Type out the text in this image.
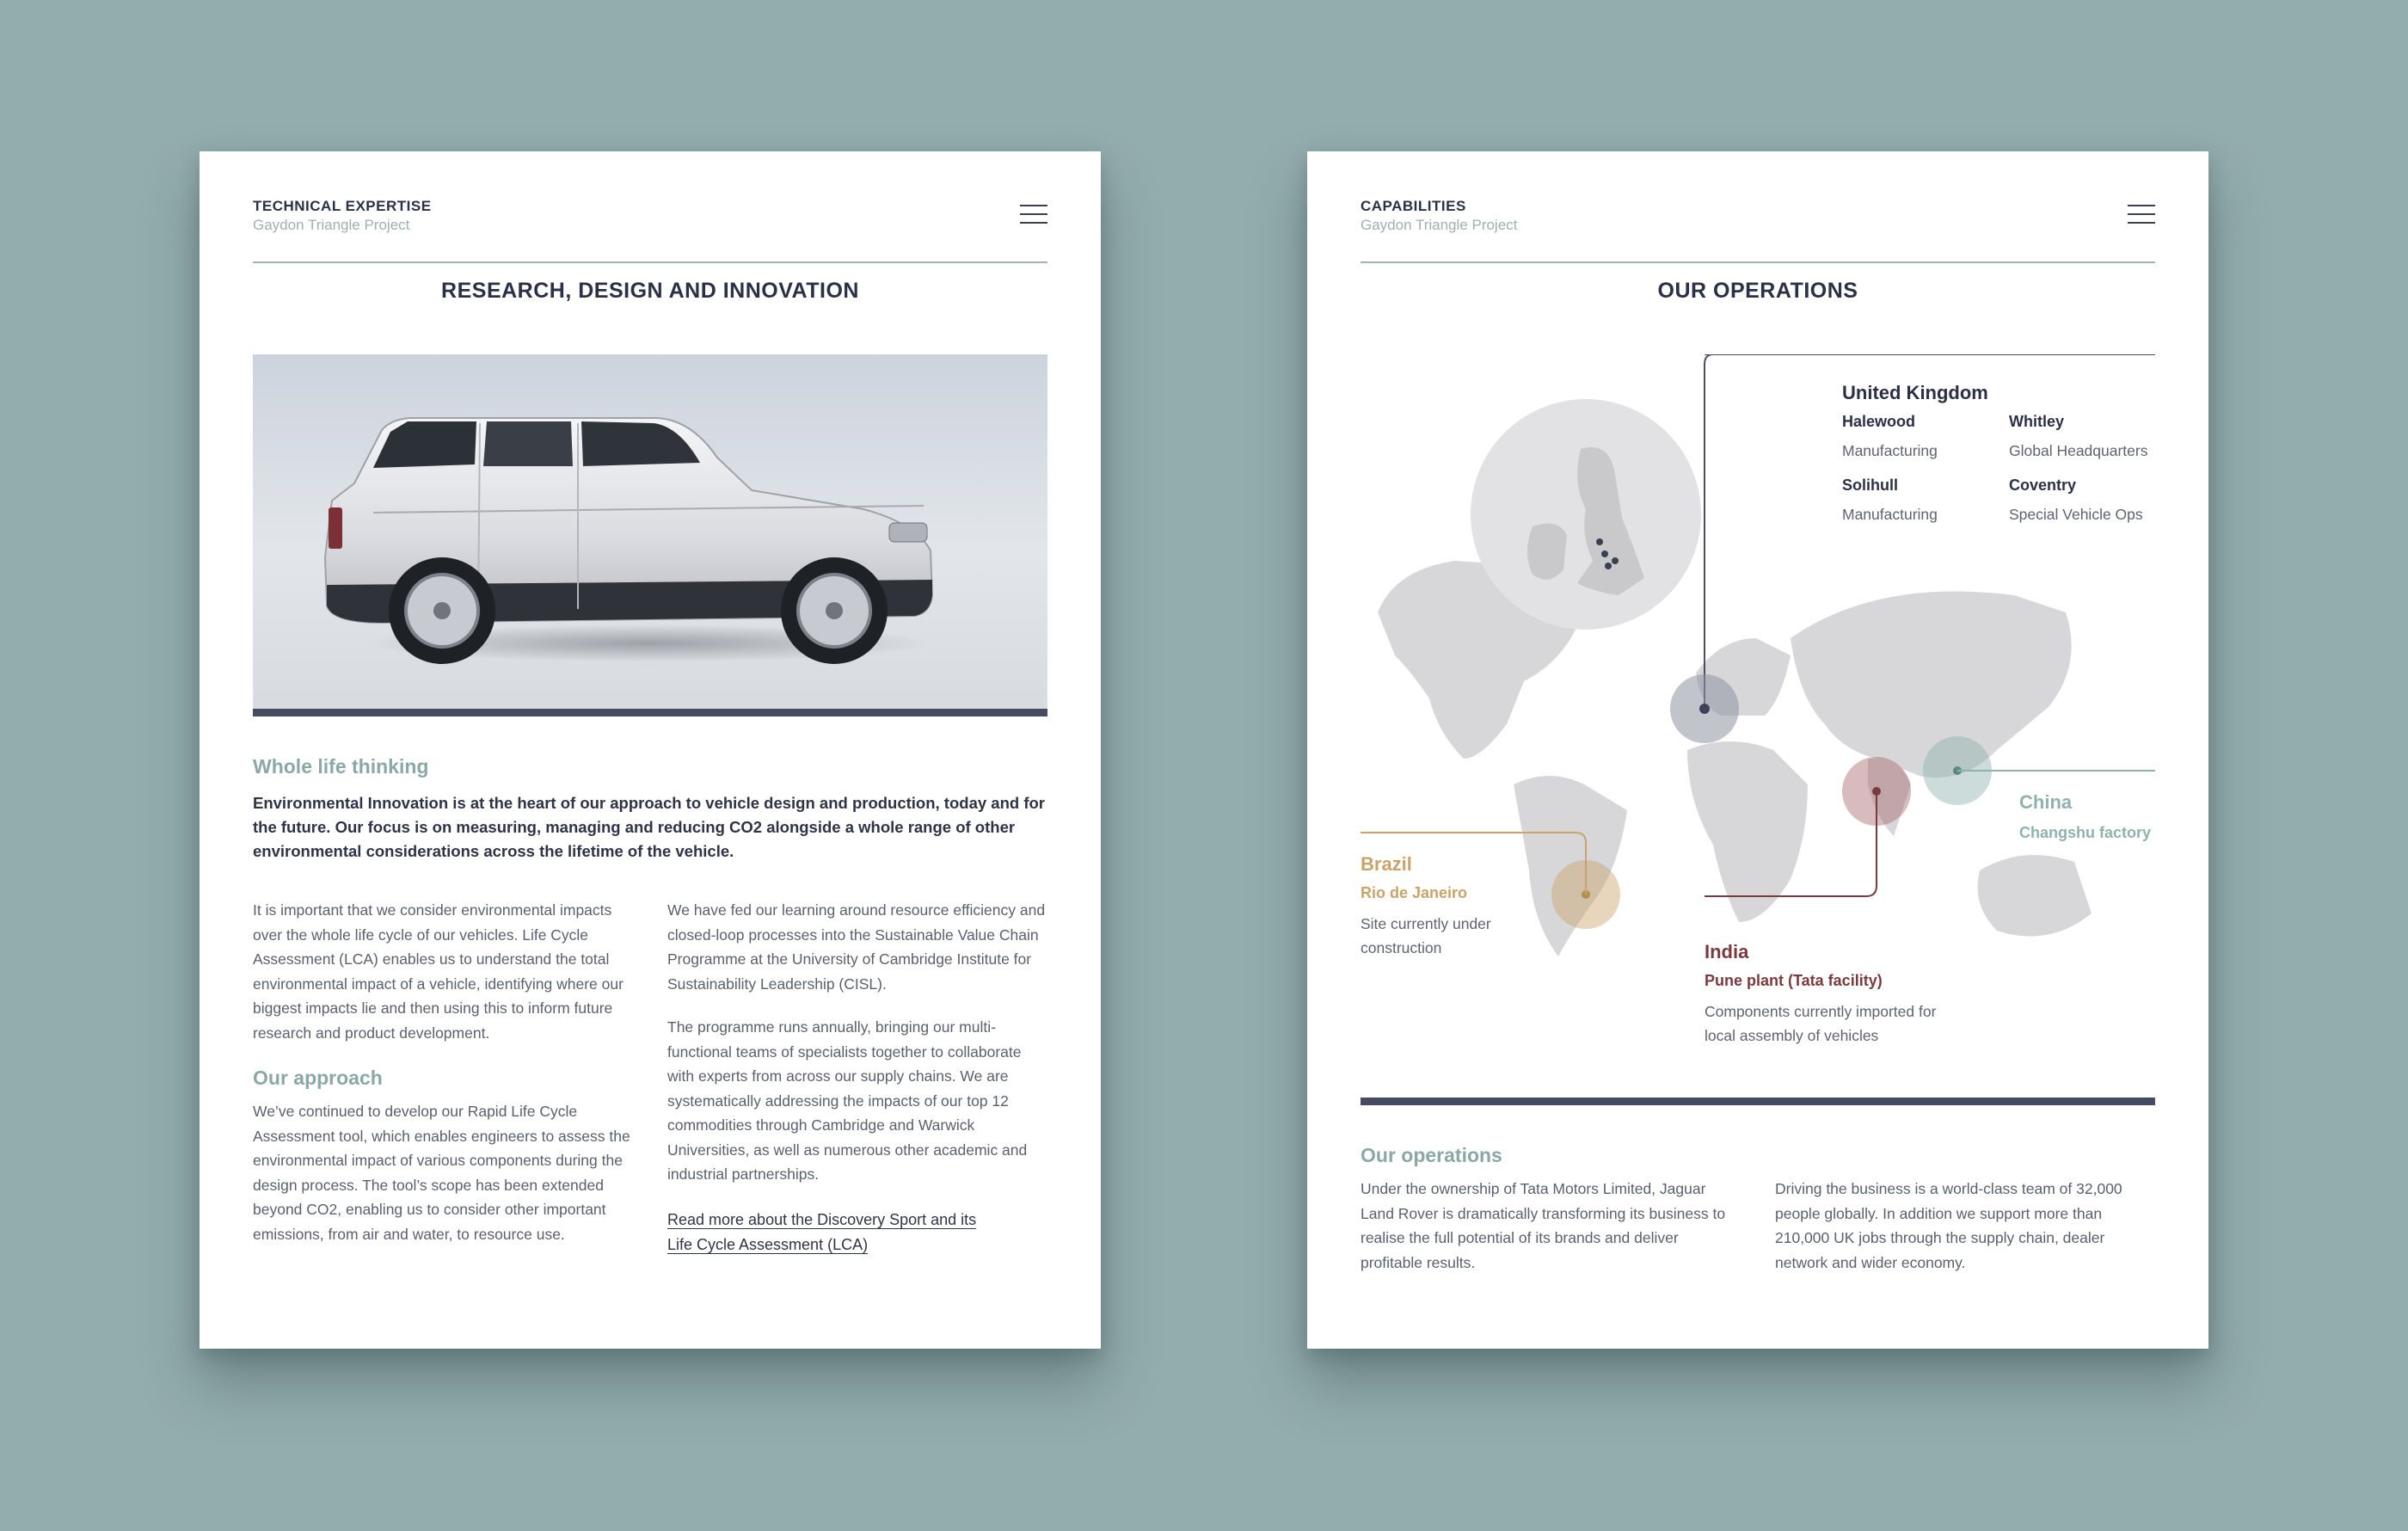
TECHNICAL EXPERTISE
Gaydon Triangle Project
RESEARCH, DESIGN AND INNOVATION
Whole life thinking
Environmental Innovation is at the heart of our approach to vehicle design and production, today and for the future. Our focus is on measuring, managing and reducing CO2 alongside a whole range of other environmental considerations across the lifetime of the vehicle.
It is important that we consider environmental impacts over the whole life cycle of our vehicles. Life Cycle Assessment (LCA) enables us to understand the total environmental impact of a vehicle, identifying where our biggest impacts lie and then using this to inform future research and product development.
Our approach
We’ve continued to develop our Rapid Life Cycle Assessment tool, which enables engineers to assess the environmental impact of various components during the design process. The tool’s scope has been extended beyond CO2, enabling us to consider other important emissions, from air and water, to resource use.
We have fed our learning around resource efficiency and closed-loop processes into the Sustainable Value Chain Programme at the University of Cambridge Institute for Sustainability Leadership (CISL).
The programme runs annually, bringing our multi-functional teams of specialists together to collaborate with experts from across our supply chains. We are systematically addressing the impacts of our top 12 commodities through Cambridge and Warwick Universities, as well as numerous other academic and industrial partnerships.
Read more about the Discovery Sport and its
Life Cycle Assessment (LCA)
CAPABILITIES
Gaydon Triangle Project
OUR OPERATIONS
United Kingdom
Halewood
Manufacturing
Whitley
Global Headquarters
Solihull
Manufacturing
Coventry
Special Vehicle Ops
China
Changshu factory
Brazil
Rio de Janeiro
Site currently under
construction	India
Pune plant (Tata facility)
Components currently imported for
local assembly of vehicles
Our operations
Under the ownership of Tata Motors Limited, Jaguar Land Rover is dramatically transforming its business to realise the full potential of its brands and deliver profitable results.
Driving the business is a world-class team of 32,000 people globally. In addition we support more than 210,000 UK jobs through the supply chain, dealer network and wider economy.
